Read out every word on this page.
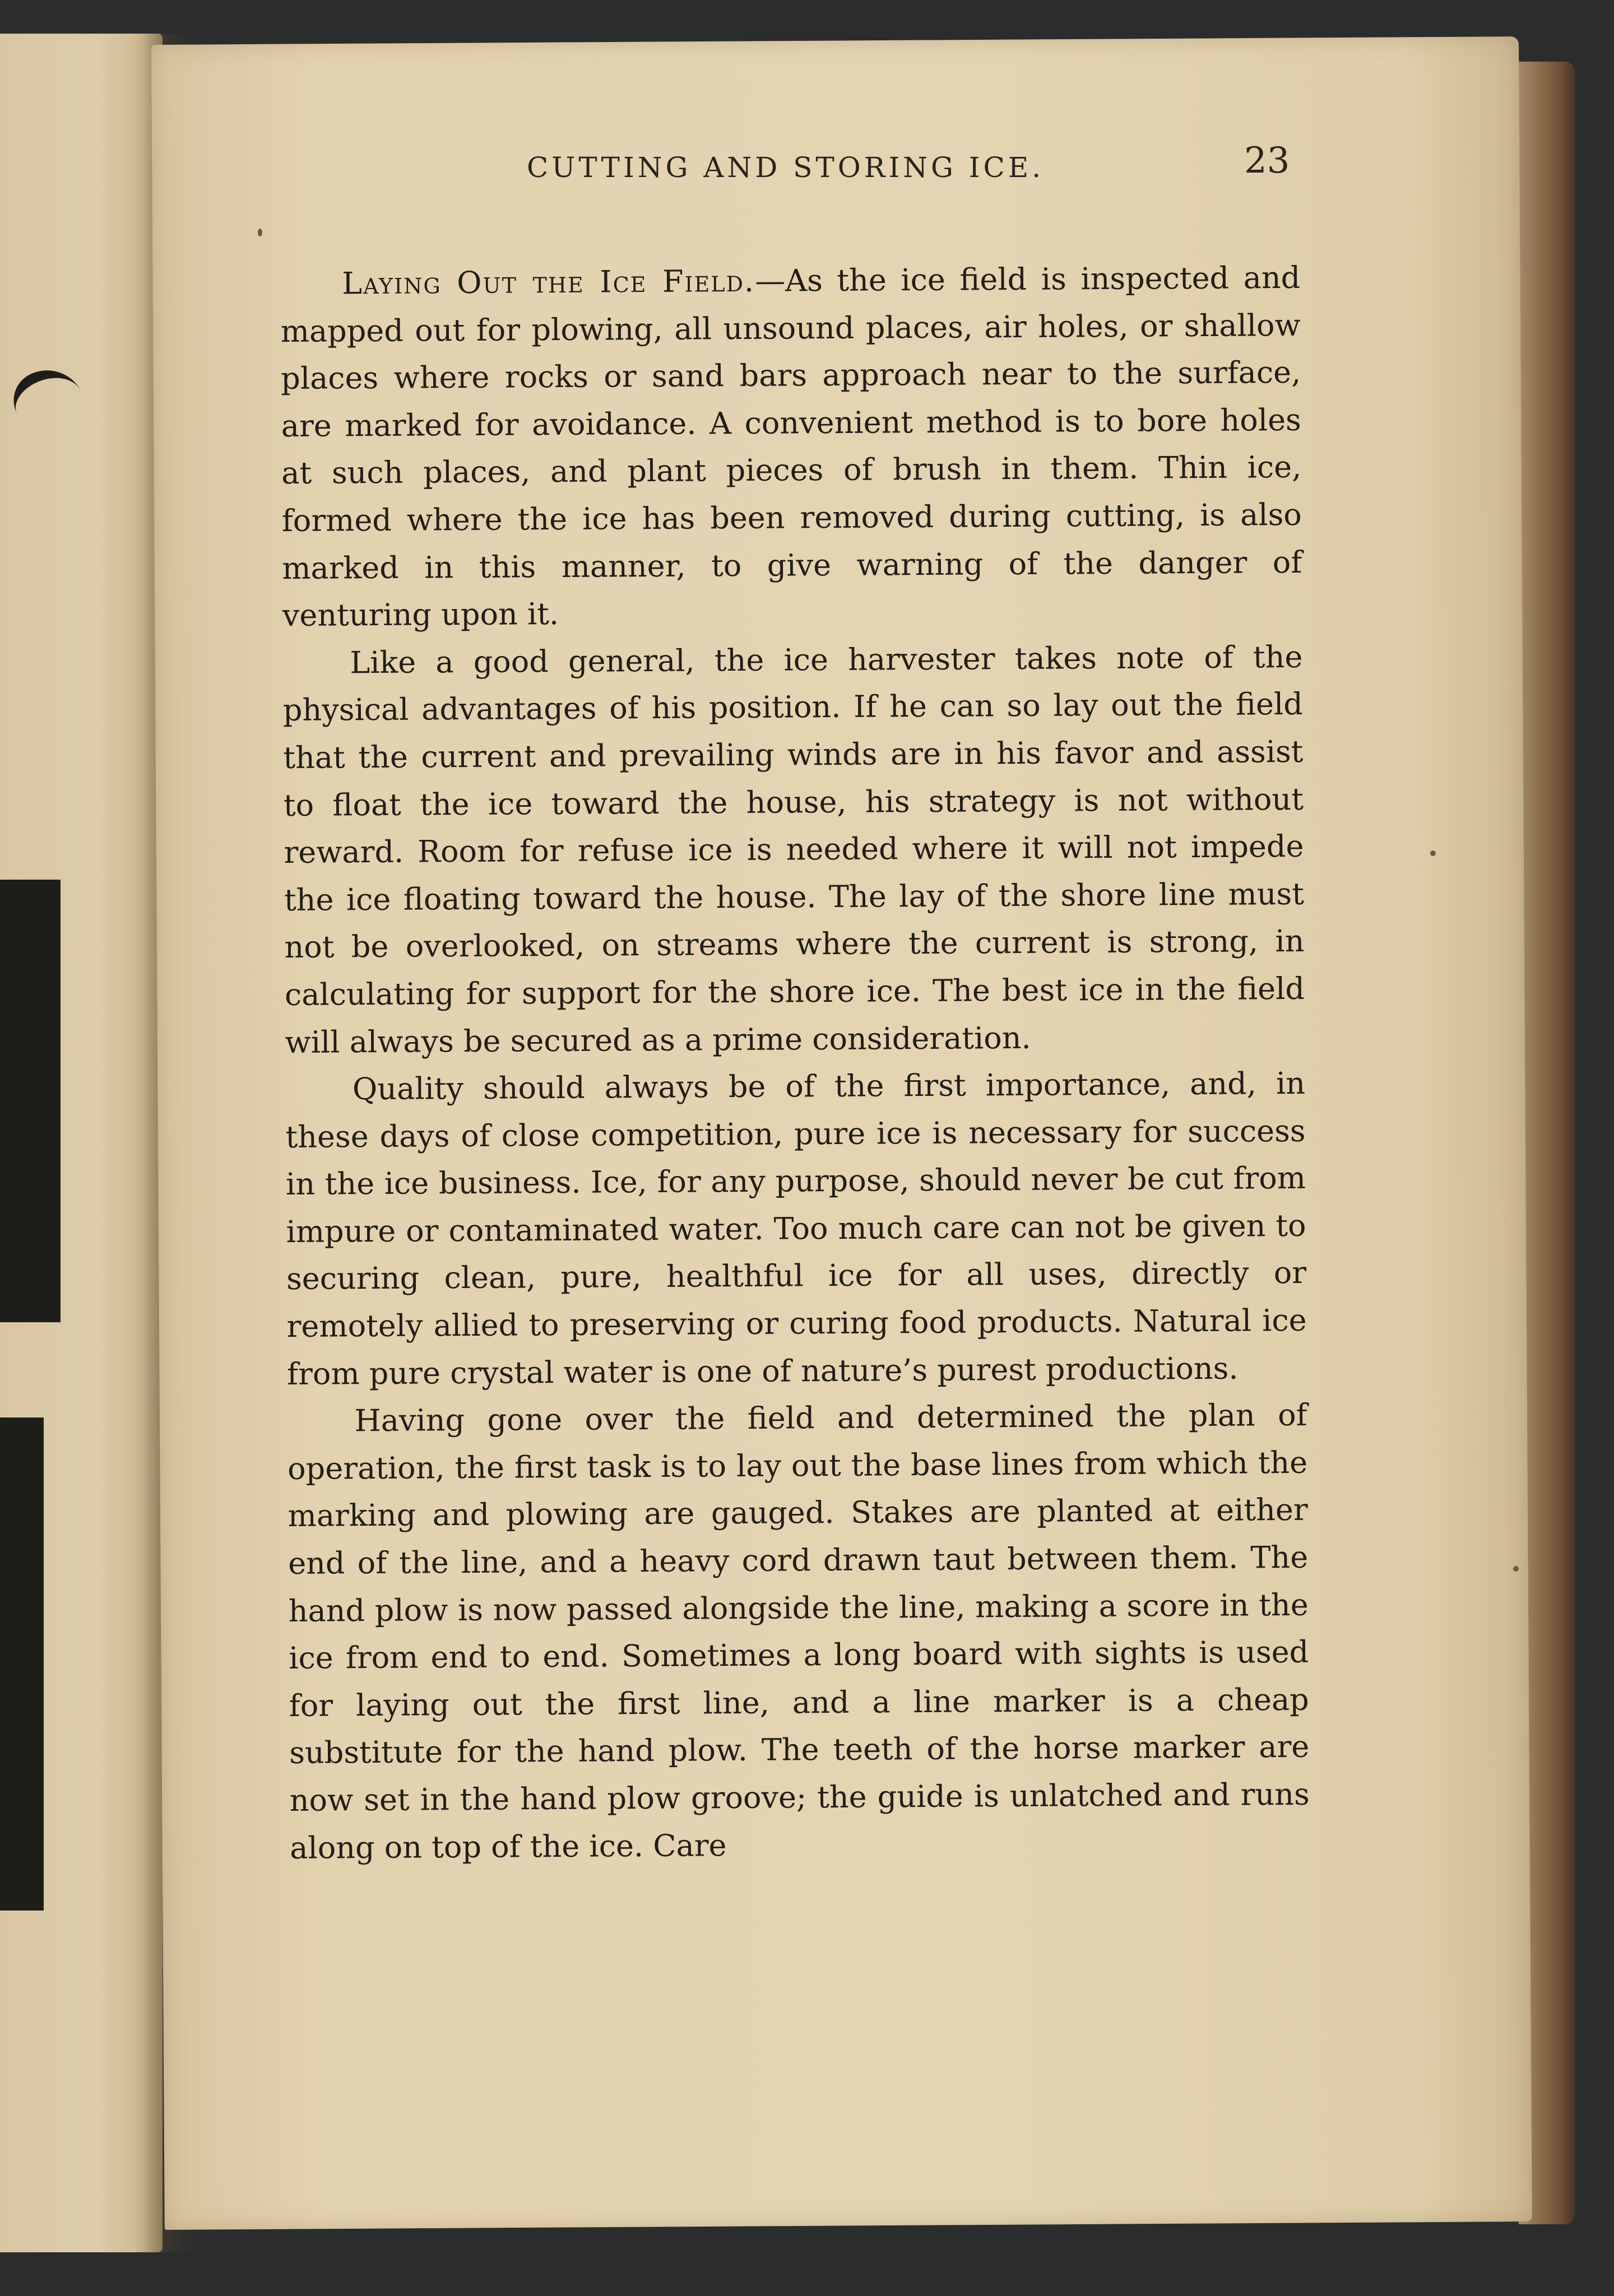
CUTTING AND STORING ICE.	23

Laying Out the Ice Field.—As the ice field is inspected and mapped out for plowing, all unsound places, air holes, or shallow places where rocks or sand bars approach near to the surface, are marked for avoidance. A convenient method is to bore holes at such places, and plant pieces of brush in them. Thin ice, formed where the ice has been removed during cutting, is also marked in this manner, to give warning of the danger of venturing upon it.

Like a good general, the ice harvester takes note of the physical advantages of his position. If he can so lay out the field that the current and prevailing winds are in his favor and assist to float the ice toward the house, his strategy is not without reward. Room for refuse ice is needed where it will not impede the ice floating toward the house. The lay of the shore line must not be overlooked, on streams where the current is strong, in calculating for support for the shore ice. The best ice in the field will always be secured as a prime consideration.

Quality should always be of the first importance, and, in these days of close competition, pure ice is necessary for success in the ice business. Ice, for any purpose, should never be cut from impure or contaminated water. Too much care can not be given to securing clean, pure, healthful ice for all uses, directly or remotely allied to preserving or curing food products. Natural ice from pure crystal water is one of nature’s purest productions.

Having gone over the field and determined the plan of operation, the first task is to lay out the base lines from which the marking and plowing are gauged. Stakes are planted at either end of the line, and a heavy cord drawn taut between them. The hand plow is now passed alongside the line, making a score in the ice from end to end. Sometimes a long board with sights is used for laying out the first line, and a line marker is a cheap substitute for the hand plow. The teeth of the horse marker are now set in the hand plow groove; the guide is unlatched and runs along on top of the ice. Care
